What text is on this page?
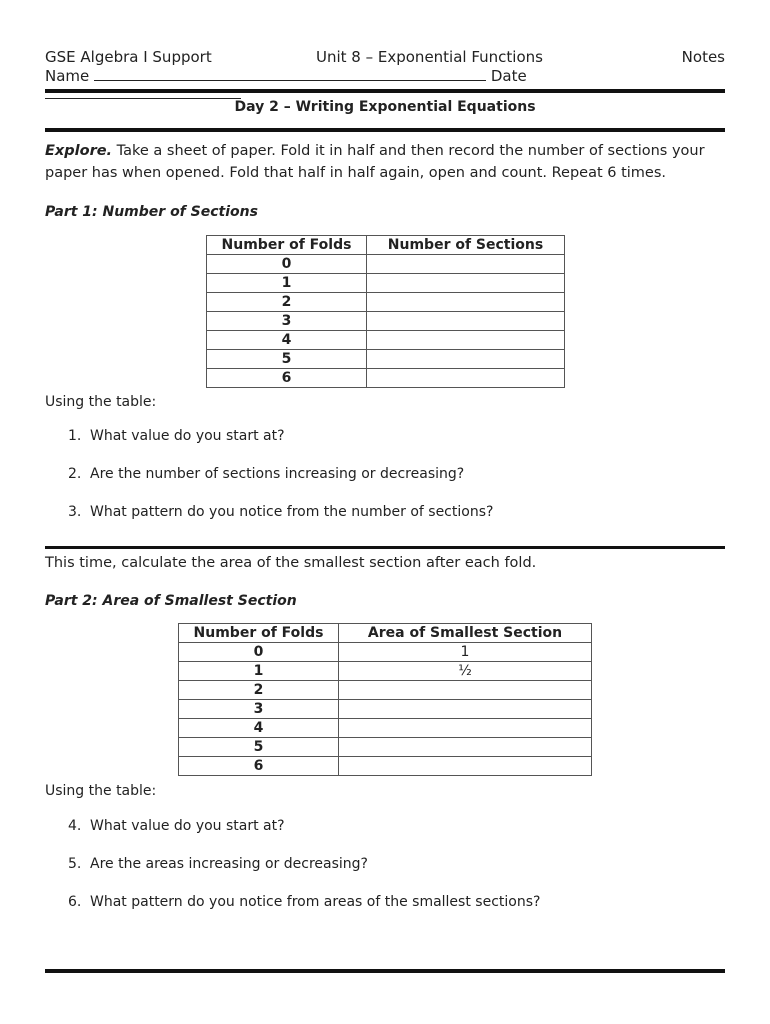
GSE Algebra I Support	Unit 8 – Exponential Functions	Notes
Name	Date
Day 2 – Writing Exponential Equations
Explore. Take a sheet of paper. Fold it in half and then record the number of sections your
paper has when opened. Fold that half in half again, open and count. Repeat 6 times.
Part 1: Number of Sections
Number of Folds	Number of Sections
0	
1	
2	
3	
4	
5	
6	
Using the table:
1. What value do you start at?
2. Are the number of sections increasing or decreasing?
3. What pattern do you notice from the number of sections?
This time, calculate the area of the smallest section after each fold.
Part 2: Area of Smallest Section
Number of Folds	Area of Smallest Section
0	1
1	½
2	
3	
4	
5	
6	
Using the table:
4. What value do you start at?
5. Are the areas increasing or decreasing?
6. What pattern do you notice from areas of the smallest sections?
